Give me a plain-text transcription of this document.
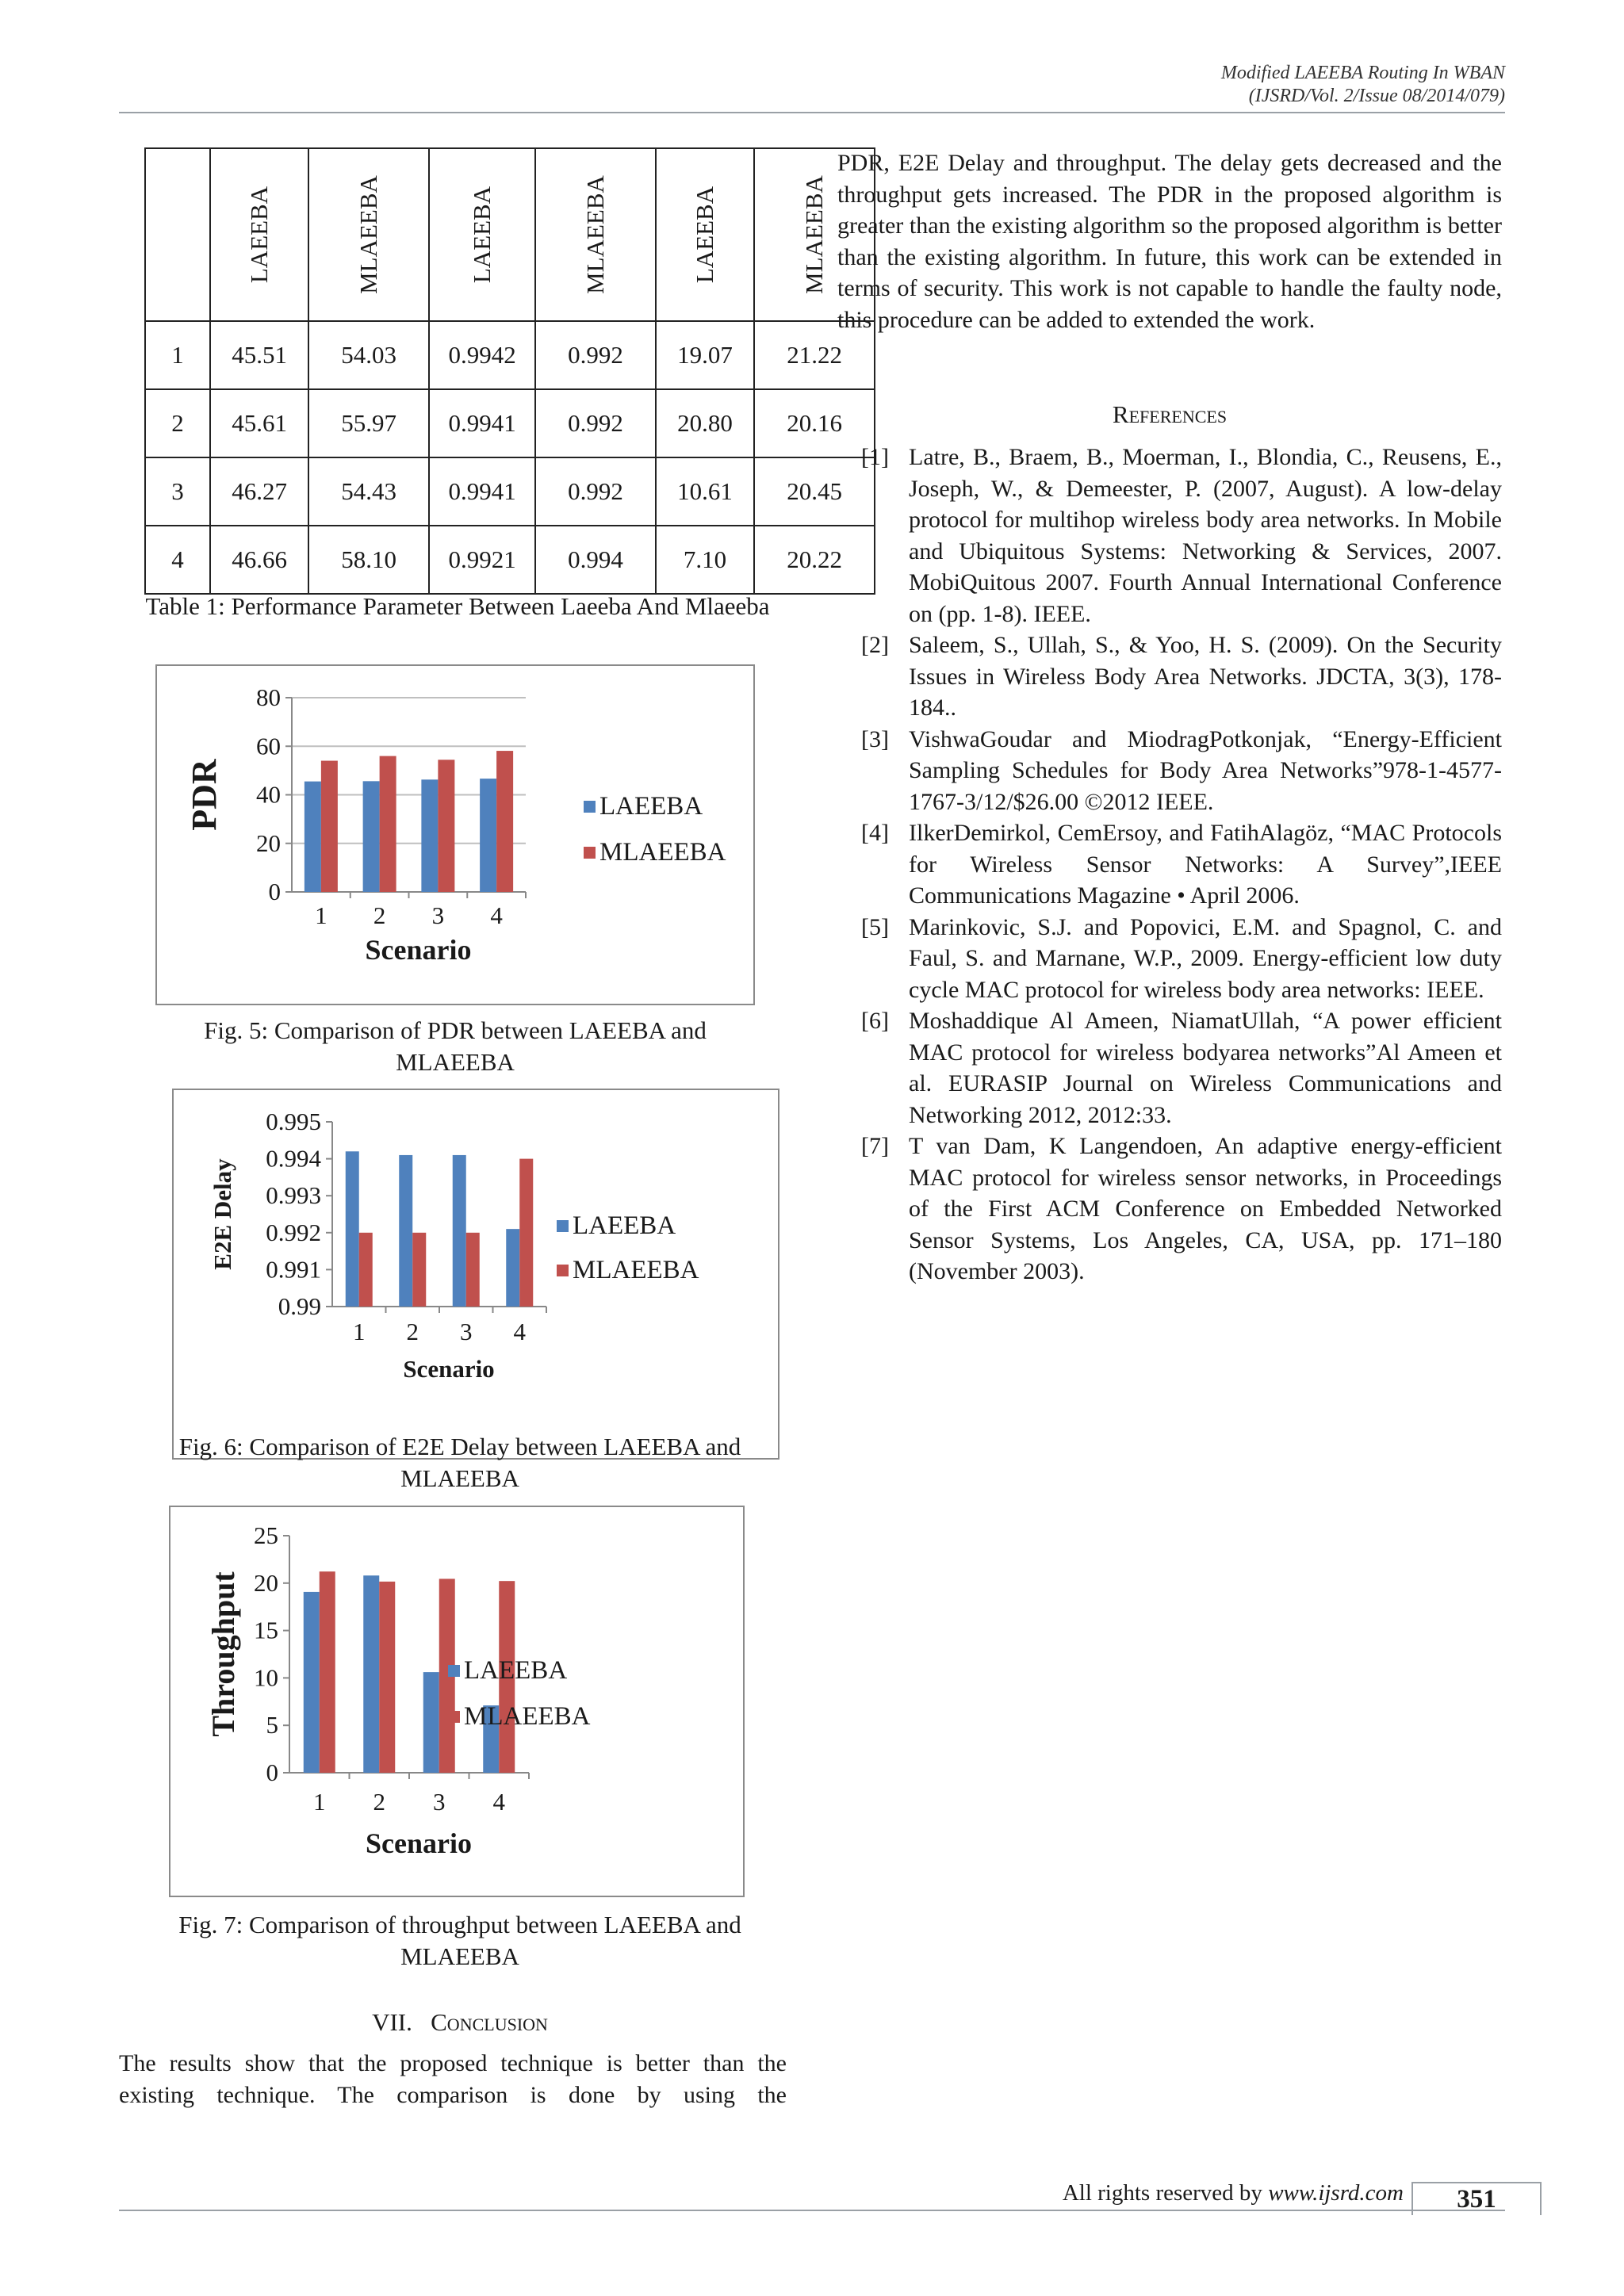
Modified LAEEBA Routing In WBAN
(IJSRD/Vol. 2/Issue 08/2014/079)
	LAEEBA	MLAEEBA	LAEEBA	MLAEEBA	LAEEBA	MLAEEBA
1	45.51	54.03	0.9942	0.992	19.07	21.22
2	45.61	55.97	0.9941	0.992	20.80	20.16
3	46.27	54.43	0.9941	0.992	10.61	20.45
4	46.66	58.10	0.9921	0.994	7.10	20.22
Table 1: Performance Parameter Between Laeeba And Mlaeeba
0
20
40
60
80
1 2 3 4
Scenario
PDR	LAEEBA
MLAEEBA
Fig. 5: Comparison of PDR between LAEEBA and MLAEEBA
0.99
0.991
0.992
0.993
0.994
0.995
1 2 3 4
Scenario
E2E Delay	LAEEBA
MLAEEBA
Fig. 6: Comparison of E2E Delay between LAEEBA and MLAEEBA
0
5
10
15
20
25
1 2 3 4
Scenario
Throughput	LAEEBA
MLAEEBA
Fig. 7: Comparison of throughput between LAEEBA and MLAEEBA
VII. Conclusion
The results show that the proposed technique is better than the existing technique. The comparison is done by using the
PDR, E2E Delay and throughput. The delay gets decreased and the throughput gets increased. The PDR in the proposed algorithm is greater than the existing algorithm so the proposed algorithm is better than the existing algorithm. In future, this work can be extended in terms of security. This work is not capable to handle the faulty node, this procedure can be added to extended the work.
References
[1] Latre, B., Braem, B., Moerman, I., Blondia, C., Reusens, E., Joseph, W., & Demeester, P. (2007, August). A low-delay protocol for multihop wireless body area networks. In Mobile and Ubiquitous Systems: Networking & Services, 2007. MobiQuitous 2007. Fourth Annual International Conference on (pp. 1-8). IEEE.
[2] Saleem, S., Ullah, S., & Yoo, H. S. (2009). On the Security Issues in Wireless Body Area Networks. JDCTA, 3(3), 178-184..
[3] VishwaGoudar and MiodragPotkonjak, “Energy-Efficient Sampling Schedules for Body Area Networks”978-1-4577-1767-3/12/$26.00 ©2012 IEEE.
[4] IlkerDemirkol, CemErsoy, and FatihAlagöz, “MAC Protocols for Wireless Sensor Networks: A Survey”,IEEE Communications Magazine • April 2006.
[5] Marinkovic, S.J. and Popovici, E.M. and Spagnol, C. and Faul, S. and Marnane, W.P., 2009. Energy-efficient low duty cycle MAC protocol for wireless body area networks: IEEE.
[6] Moshaddique Al Ameen, NiamatUllah, “A power efficient MAC protocol for wireless bodyarea networks”Al Ameen et al. EURASIP Journal on Wireless Communications and Networking 2012, 2012:33.
[7] T van Dam, K Langendoen, An adaptive energy-efficient MAC protocol for wireless sensor networks, in Proceedings of the First ACM Conference on Embedded Networked Sensor Systems, Los Angeles, CA, USA, pp. 171–180 (November 2003).
All rights reserved by www.ijsrd.com	351
